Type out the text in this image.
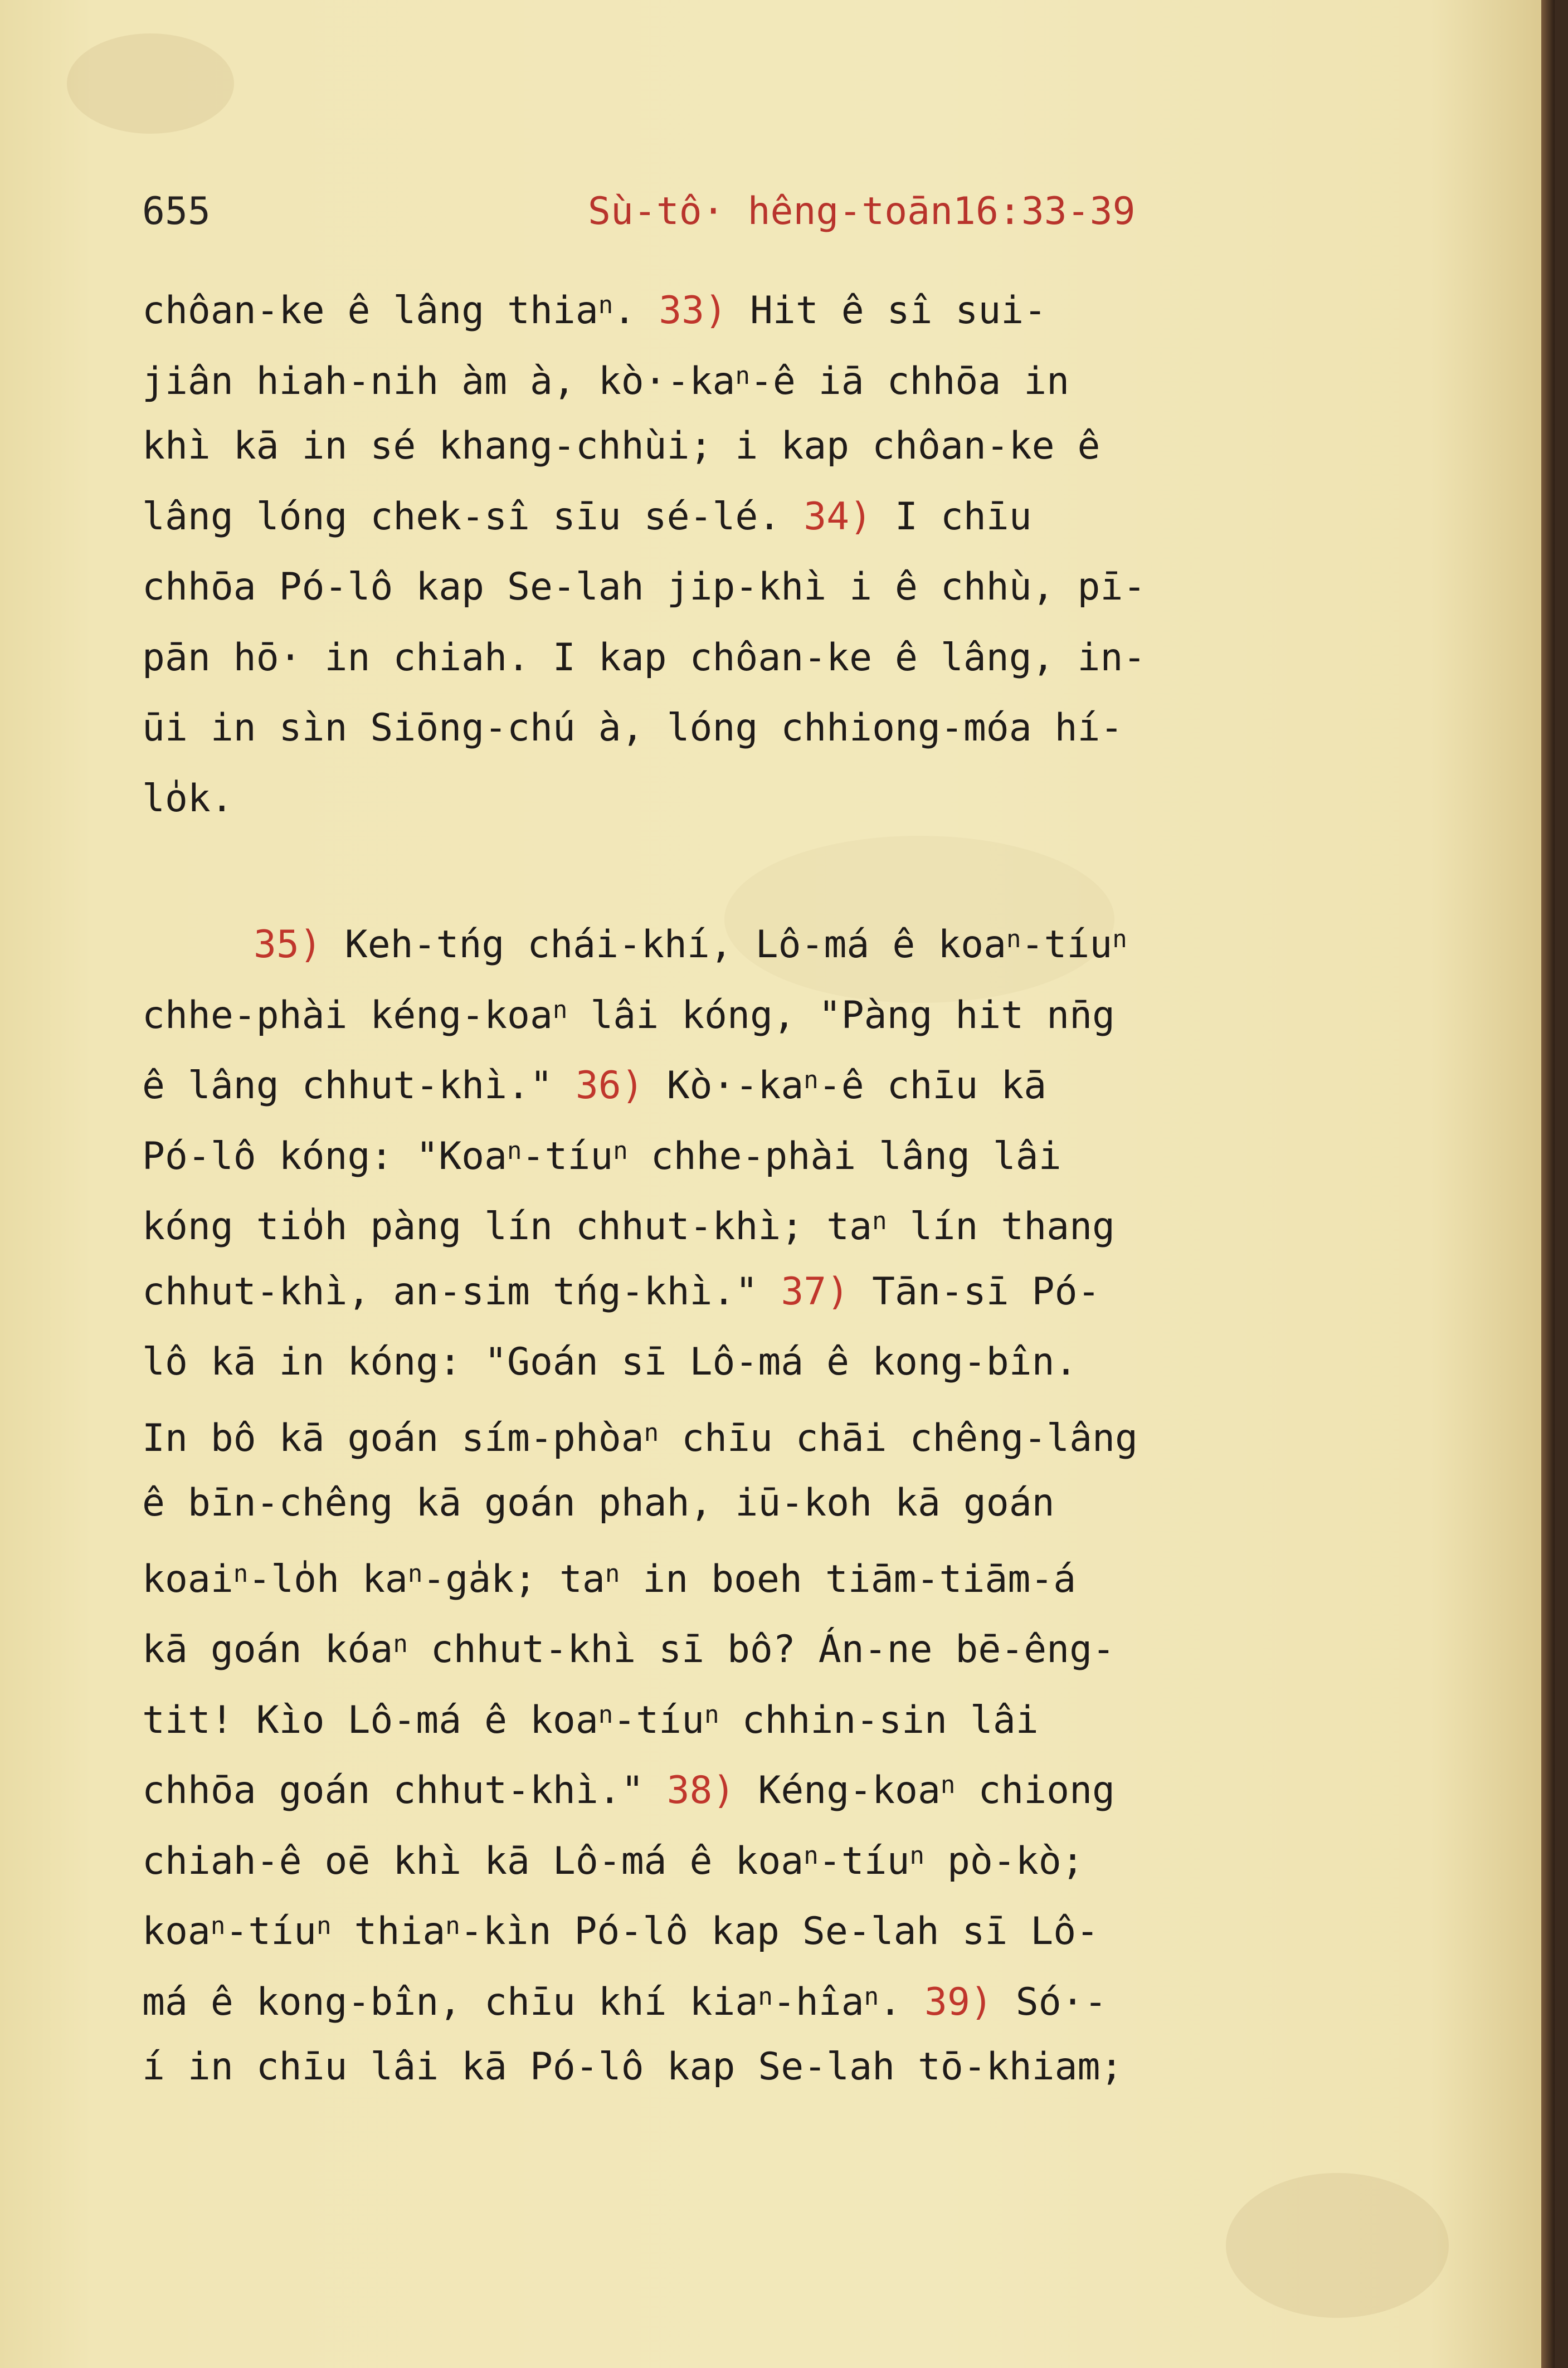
655	Sù-tô· hêng-toān 16:33-39
chôan-ke ê lâng thia$^n$. 33) Hit ê sî sui-
jiân hiah-nih àm à, $kò\cdot-ka^n-ê$ iā chhōa in
khì kā in sé khang-chhùi; i kap chôan-ke ê
lâng lóng chek-sî sīu sé-lé. 34) I chīu
chhōa Pó-lô kap Se-lah jip-khì i ê chhù, pī-
pān hō· in chiah. I kap chôan-ke ê lâng, in-
ūi in sìn Siōng-chú à, lóng chhiong-móa hí-
lo̍k.
35) Keh-tńg chái-khí, Lô-má ê koa$^n$-tíu$^n$
chhe-phài kéng-koa$^n$ lâi kóng, "Pàng hit nn̄g
ê lâng chhut-khì." 36) $Kò\cdot-ka^n-ê$ chīu kā
Pó-lô kóng: "Koa$^n$-tíu$^n$ chhe-phài lâng lâi
kóng tio̍h pàng lín chhut-khì; $ta^n$ lín thang
chhut-khì, an-sim tńg-khì." 37) Tān-sī Pó-
lô kā in kóng: "Goán sī Lô-má ê kong-bîn.
In bô kā goán sím-phòa$^n$ chīu chāi chêng-lâng
ê bīn-chêng kā goán phah, iū-koh kā goán
koai$^n$-lo̍h $ka^n-ga̍k$; $ta^n$ in boeh tiām-tiām-á
kā goán kóa$^n$ chhut-khì sī bô? Án-ne bē-êng-
tit! Kìo Lô-má ê koa$^n$-tíu$^n$ chhin-sin lâi
chhōa goán chhut-khì." 38) Kéng-koa$^n$ chiong
chiah-ê oē khì kā Lô-má ê koa$^n$-tíu$^n$ pò-kò;
koa$^n$-tíu$^n$ thia$^n$-kìn Pó-lô kap Se-lah sī Lô-
má ê kong-bîn, chīu khí kia$^n$-hîa$^n$. 39) Só·-
í in chīu lâi kā Pó-lô kap Se-lah tō-khiam;
